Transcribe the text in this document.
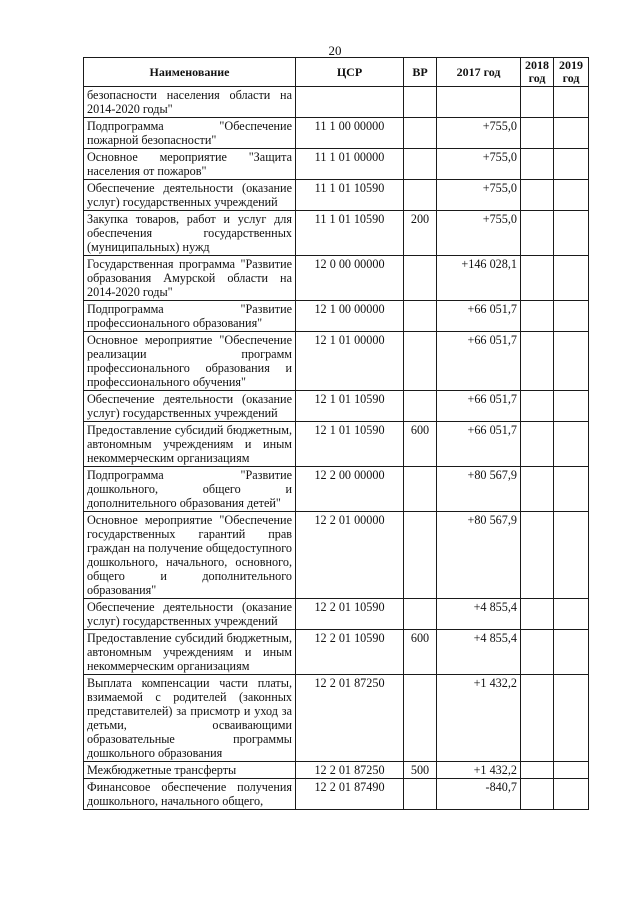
20
Наименование	ЦСР	ВР	2017 год	2018 год	2019 год
безопасности населения области на 2014-2020 годы"					
Подпрограмма "Обеспечение пожарной безопасности"	11 1 00 00000		+755,0		
Основное мероприятие "Защита населения от пожаров"	11 1 01 00000		+755,0		
Обеспечение деятельности (оказание услуг) государственных учреждений	11 1 01 10590		+755,0		
Закупка товаров, работ и услуг для обеспечения государственных (муниципальных) нужд	11 1 01 10590	200	+755,0		
Государственная программа "Развитие образования Амурской области на 2014-2020 годы"	12 0 00 00000		+146 028,1		
Подпрограмма "Развитие профессионального образования"	12 1 00 00000		+66 051,7		
Основное мероприятие "Обеспечение реализации программ профессионального образования и профессионального обучения"	12 1 01 00000		+66 051,7		
Обеспечение деятельности (оказание услуг) государственных учреждений	12 1 01 10590		+66 051,7		
Предоставление субсидий бюджетным, автономным учреждениям и иным некоммерческим организациям	12 1 01 10590	600	+66 051,7		
Подпрограмма "Развитие дошкольного, общего и дополнительного образования детей"	12 2 00 00000		+80 567,9		
Основное мероприятие "Обеспечение государственных гарантий прав граждан на получение общедоступного дошкольного, начального, основного, общего и дополнительного образования"	12 2 01 00000		+80 567,9		
Обеспечение деятельности (оказание услуг) государственных учреждений	12 2 01 10590		+4 855,4		
Предоставление субсидий бюджетным, автономным учреждениям и иным некоммерческим организациям	12 2 01 10590	600	+4 855,4		
Выплата компенсации части платы, взимаемой с родителей (законных представителей) за присмотр и уход за детьми, осваивающими образовательные программы дошкольного образования	12 2 01 87250		+1 432,2		
Межбюджетные трансферты	12 2 01 87250	500	+1 432,2		
Финансовое обеспечение получения дошкольного, начального общего,	12 2 01 87490		-840,7		
